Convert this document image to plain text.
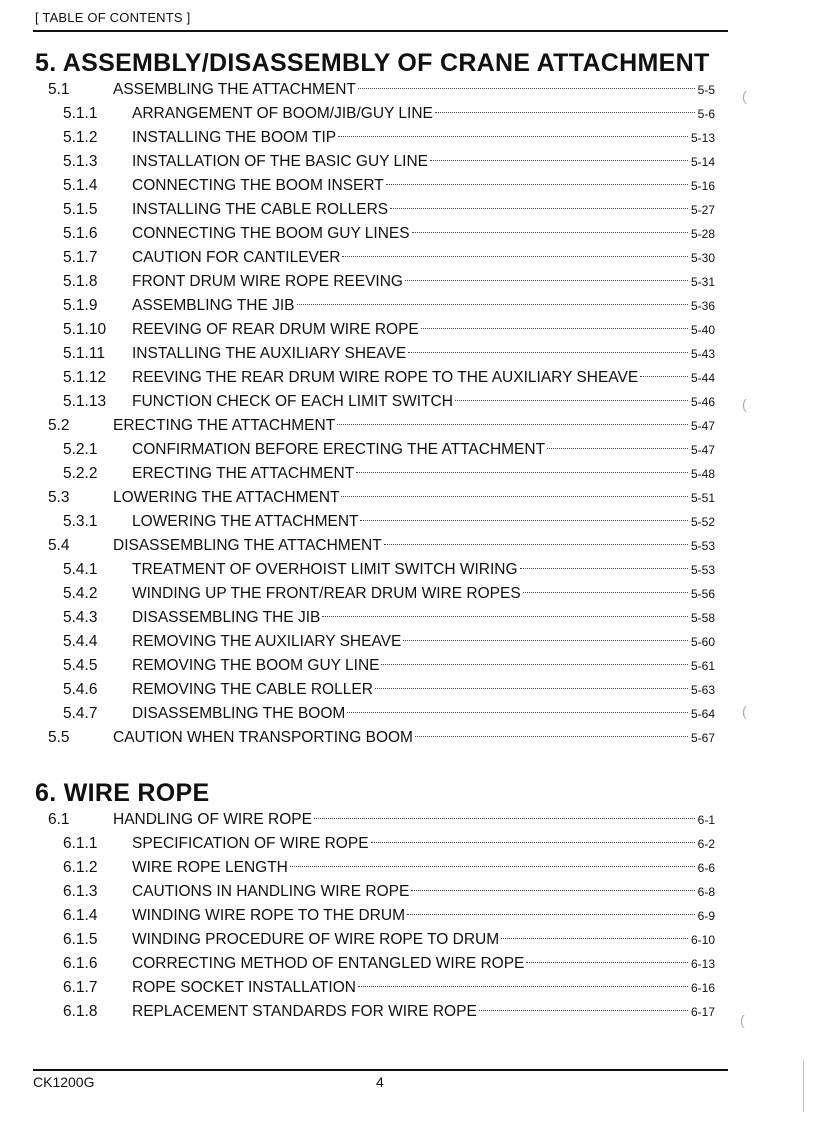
[ TABLE OF CONTENTS ]
5. ASSEMBLY/DISASSEMBLY OF CRANE ATTACHMENT
5.1	ASSEMBLING THE ATTACHMENT	5-5
5.1.1 ARRANGEMENT OF BOOM/JIB/GUY LINE	5-6
5.1.2 INSTALLING THE BOOM TIP	5-13
5.1.3 INSTALLATION OF THE BASIC GUY LINE	5-14
5.1.4 CONNECTING THE BOOM INSERT	5-16
5.1.5 INSTALLING THE CABLE ROLLERS	5-27
5.1.6 CONNECTING THE BOOM GUY LINES	5-28
5.1.7 CAUTION FOR CANTILEVER	5-30
5.1.8 FRONT DRUM WIRE ROPE REEVING	5-31
5.1.9 ASSEMBLING THE JIB	5-36
5.1.10 REEVING OF REAR DRUM WIRE ROPE	5-40
5.1.11 INSTALLING THE AUXILIARY SHEAVE	5-43
5.1.12 REEVING THE REAR DRUM WIRE ROPE TO THE AUXILIARY SHEAVE	5-44
5.1.13 FUNCTION CHECK OF EACH LIMIT SWITCH	5-46
5.2	ERECTING THE ATTACHMENT	5-47
5.2.1 CONFIRMATION BEFORE ERECTING THE ATTACHMENT	5-47
5.2.2 ERECTING THE ATTACHMENT	5-48
5.3	LOWERING THE ATTACHMENT	5-51
5.3.1 LOWERING THE ATTACHMENT	5-52
5.4	DISASSEMBLING THE ATTACHMENT	5-53
5.4.1 TREATMENT OF OVERHOIST LIMIT SWITCH WIRING	5-53
5.4.2 WINDING UP THE FRONT/REAR DRUM WIRE ROPES	5-56
5.4.3 DISASSEMBLING THE JIB	5-58
5.4.4 REMOVING THE AUXILIARY SHEAVE	5-60
5.4.5 REMOVING THE BOOM GUY LINE	5-61
5.4.6 REMOVING THE CABLE ROLLER	5-63
5.4.7 DISASSEMBLING THE BOOM	5-64
5.5	CAUTION WHEN TRANSPORTING BOOM	5-67
6. WIRE ROPE
6.1	HANDLING OF WIRE ROPE	6-1
6.1.1 SPECIFICATION OF WIRE ROPE	6-2
6.1.2 WIRE ROPE LENGTH	6-6
6.1.3 CAUTIONS IN HANDLING WIRE ROPE	6-8
6.1.4 WINDING WIRE ROPE TO THE DRUM	6-9
6.1.5 WINDING PROCEDURE OF WIRE ROPE TO DRUM	6-10
6.1.6 CORRECTING METHOD OF ENTANGLED WIRE ROPE	6-13
6.1.7 ROPE SOCKET INSTALLATION	6-16
6.1.8 REPLACEMENT STANDARDS FOR WIRE ROPE	6-17
CK1200G	4
(
(
(
(
